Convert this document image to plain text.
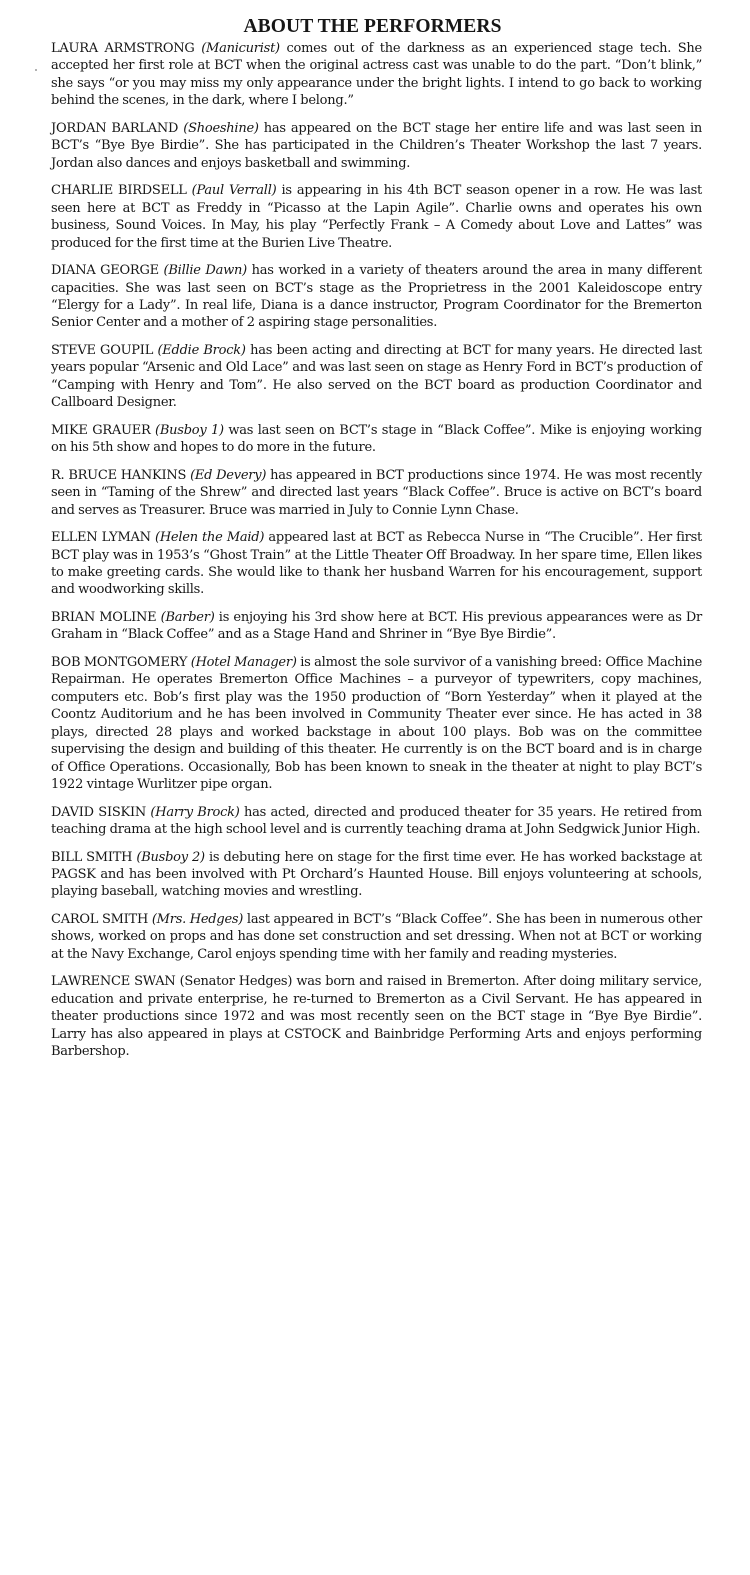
ABOUT THE PERFORMERS

LAURA ARMSTRONG (Manicurist) comes out of the darkness as an experienced stage tech. She accepted her first role at BCT when the original actress cast was unable to do the part. “Don’t blink,” she says “or you may miss my only appearance under the bright lights. I intend to go back to working behind the scenes, in the dark, where I belong.”

JORDAN BARLAND (Shoeshine) has appeared on the BCT stage her entire life and was last seen in BCT’s “Bye Bye Birdie”. She has participated in the Children’s Theater Workshop the last 7 years. Jordan also dances and enjoys basketball and swimming.

CHARLIE BIRDSELL (Paul Verrall) is appearing in his 4th BCT season opener in a row. He was last seen here at BCT as Freddy in “Picasso at the Lapin Agile”. Charlie owns and operates his own business, Sound Voices. In May, his play “Perfectly Frank – A Comedy about Love and Lattes” was produced for the first time at the Burien Live Theatre.

DIANA GEORGE (Billie Dawn) has worked in a variety of theaters around the area in many different capacities. She was last seen on BCT’s stage as the Proprietress in the 2001 Kaleidoscope entry “Elergy for a Lady”. In real life, Diana is a dance instructor, Program Coordinator for the Bremerton Senior Center and a mother of 2 aspiring stage personalities.

STEVE GOUPIL (Eddie Brock) has been acting and directing at BCT for many years. He directed last years popular “Arsenic and Old Lace” and was last seen on stage as Henry Ford in BCT’s production of “Camping with Henry and Tom”. He also served on the BCT board as production Coordinator and Callboard Designer.

MIKE GRAUER (Busboy 1) was last seen on BCT’s stage in “Black Coffee”. Mike is enjoying working on his 5th show and hopes to do more in the future.

R. BRUCE HANKINS (Ed Devery) has appeared in BCT productions since 1974. He was most recently seen in “Taming of the Shrew” and directed last years “Black Coffee”. Bruce is active on BCT’s board and serves as Treasurer. Bruce was married in July to Connie Lynn Chase.

ELLEN LYMAN (Helen the Maid) appeared last at BCT as Rebecca Nurse in “The Crucible”. Her first BCT play was in 1953’s “Ghost Train” at the Little Theater Off Broadway. In her spare time, Ellen likes to make greeting cards. She would like to thank her husband Warren for his encouragement, support and woodworking skills.

BRIAN MOLINE (Barber) is enjoying his 3rd show here at BCT. His previous appearances were as Dr Graham in “Black Coffee” and as a Stage Hand and Shriner in “Bye Bye Birdie”.

BOB MONTGOMERY (Hotel Manager) is almost the sole survivor of a vanishing breed: Office Machine Repairman. He operates Bremerton Office Machines – a purveyor of typewriters, copy machines, computers etc. Bob’s first play was the 1950 production of “Born Yesterday” when it played at the Coontz Auditorium and he has been involved in Community Theater ever since. He has acted in 38 plays, directed 28 plays and worked backstage in about 100 plays. Bob was on the committee supervising the design and building of this theater. He currently is on the BCT board and is in charge of Office Operations. Occasionally, Bob has been known to sneak in the theater at night to play BCT’s 1922 vintage Wurlitzer pipe organ.

DAVID SISKIN (Harry Brock) has acted, directed and produced theater for 35 years. He retired from teaching drama at the high school level and is currently teaching drama at John Sedgwick Junior High.

BILL SMITH (Busboy 2) is debuting here on stage for the first time ever. He has worked backstage at PAGSK and has been involved with Pt Orchard’s Haunted House. Bill enjoys volunteering at schools, playing baseball, watching movies and wrestling.

CAROL SMITH (Mrs. Hedges) last appeared in BCT’s “Black Coffee”. She has been in numerous other shows, worked on props and has done set construction and set dressing. When not at BCT or working at the Navy Exchange, Carol enjoys spending time with her family and reading mysteries.

LAWRENCE SWAN (Senator Hedges) was born and raised in Bremerton. After doing military service, education and private enterprise, he re-turned to Bremerton as a Civil Servant. He has appeared in theater productions since 1972 and was most recently seen on the BCT stage in “Bye Bye Birdie”. Larry has also appeared in plays at CSTOCK and Bainbridge Performing Arts and enjoys performing Barbershop.
